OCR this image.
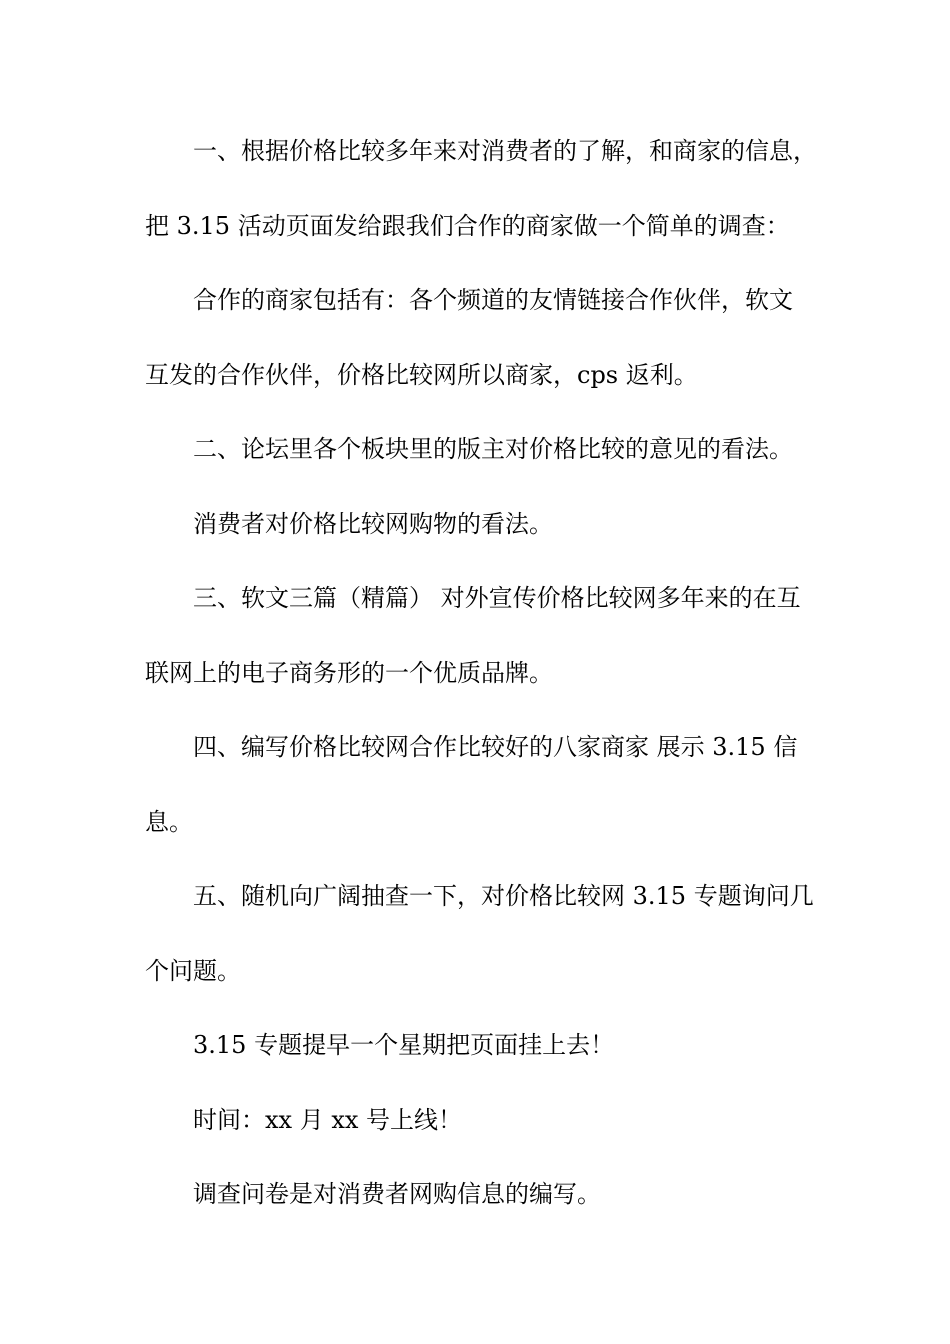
一、根据价格比较多年来对消费者的了解，和商家的信息，
把 3.15 活动页面发给跟我们合作的商家做一个简单的调查：
合作的商家包括有：各个频道的友情链接合作伙伴，软文
互发的合作伙伴，价格比较网所以商家，cps 返利。
二、论坛里各个板块里的版主对价格比较的意见的看法。
消费者对价格比较网购物的看法。
三、软文三篇（精篇） 对外宣传价格比较网多年来的在互
联网上的电子商务形的一个优质品牌。
四、编写价格比较网合作比较好的八家商家 展示 3.15 信
息。
五、随机向广阔抽查一下，对价格比较网 3.15 专题询问几
个问题。
3.15 专题提早一个星期把页面挂上去！
时间：xx 月 xx 号上线！
调查问卷是对消费者网购信息的编写。
